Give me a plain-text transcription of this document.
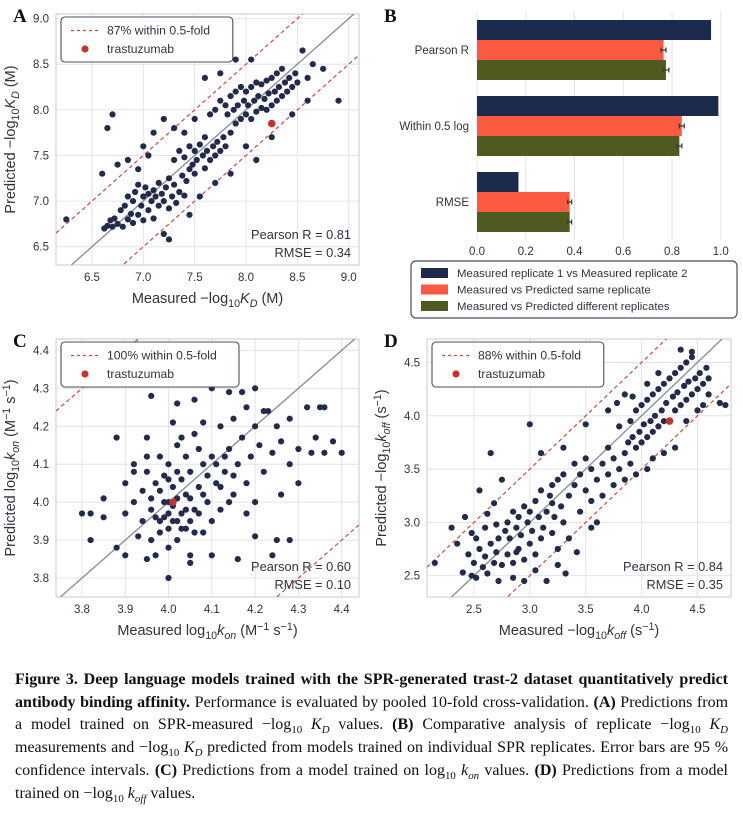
A
87% within 0.5-fold
trastuzumab
Pearson R = 0.81
RMSE = 0.34
6.5	7.0	7.5	8.0	8.5	9.0
6.5
7.0
7.5
8.0
8.5
9.0
Measured $-\log_{10}K_D$ (M)
Predicted $-\log_{10}K_D$ (M)
B
Pearson R
Within 0.5 log
RMSE
0.0	0.2	0.4	0.6	0.8	1.0
Measured replicate 1 vs Measured replicate 2
Measured vs Predicted same replicate
Measured vs Predicted different replicates
C
100% within 0.5-fold
trastuzumab
Pearson R = 0.60
RMSE = 0.10
3.8 3.9 4.0 4.1 4.2 4.3 4.4
3.8
3.9
4.0
4.1
4.2
4.3
4.4
Measured $\log_{10}k_{on}$ ($M^{-1}$ $s^{-1}$)
Predicted $\log_{10}k_{on}$ ($M^{-1}$ $s^{-1}$)
D
88% within 0.5-fold
trastuzumab
Pearson R = 0.84
RMSE = 0.35
2.5	3.0	3.5	4.0	4.5
2.5
3.0
3.5
4.0
4.5
Measured $-\log_{10}k_{off}$ $(s^{-1})$
Predicted $-\log_{10}k_{off}$ $(s^{-1})$
Figure 3. Deep language models trained with the SPR-generated trast-2 dataset quantitatively predict antibody binding affinity. Performance is evaluated by pooled 10-fold cross-validation. (A) Predictions from a model trained on SPR-measured $-\log_{10}$ $K_D$ values. (B) Comparative analysis of replicate $-\log_{10}$ $K_D$ measurements and $-\log_{10}$ $K_D$ predicted from models trained on individual SPR replicates. Error bars are 95 % confidence intervals. (C) Predictions from a model trained on $\log_{10} k_{on}$ values. (D) Predictions from a model trained on $-\log_{10}$ $k_{off}$ values.
